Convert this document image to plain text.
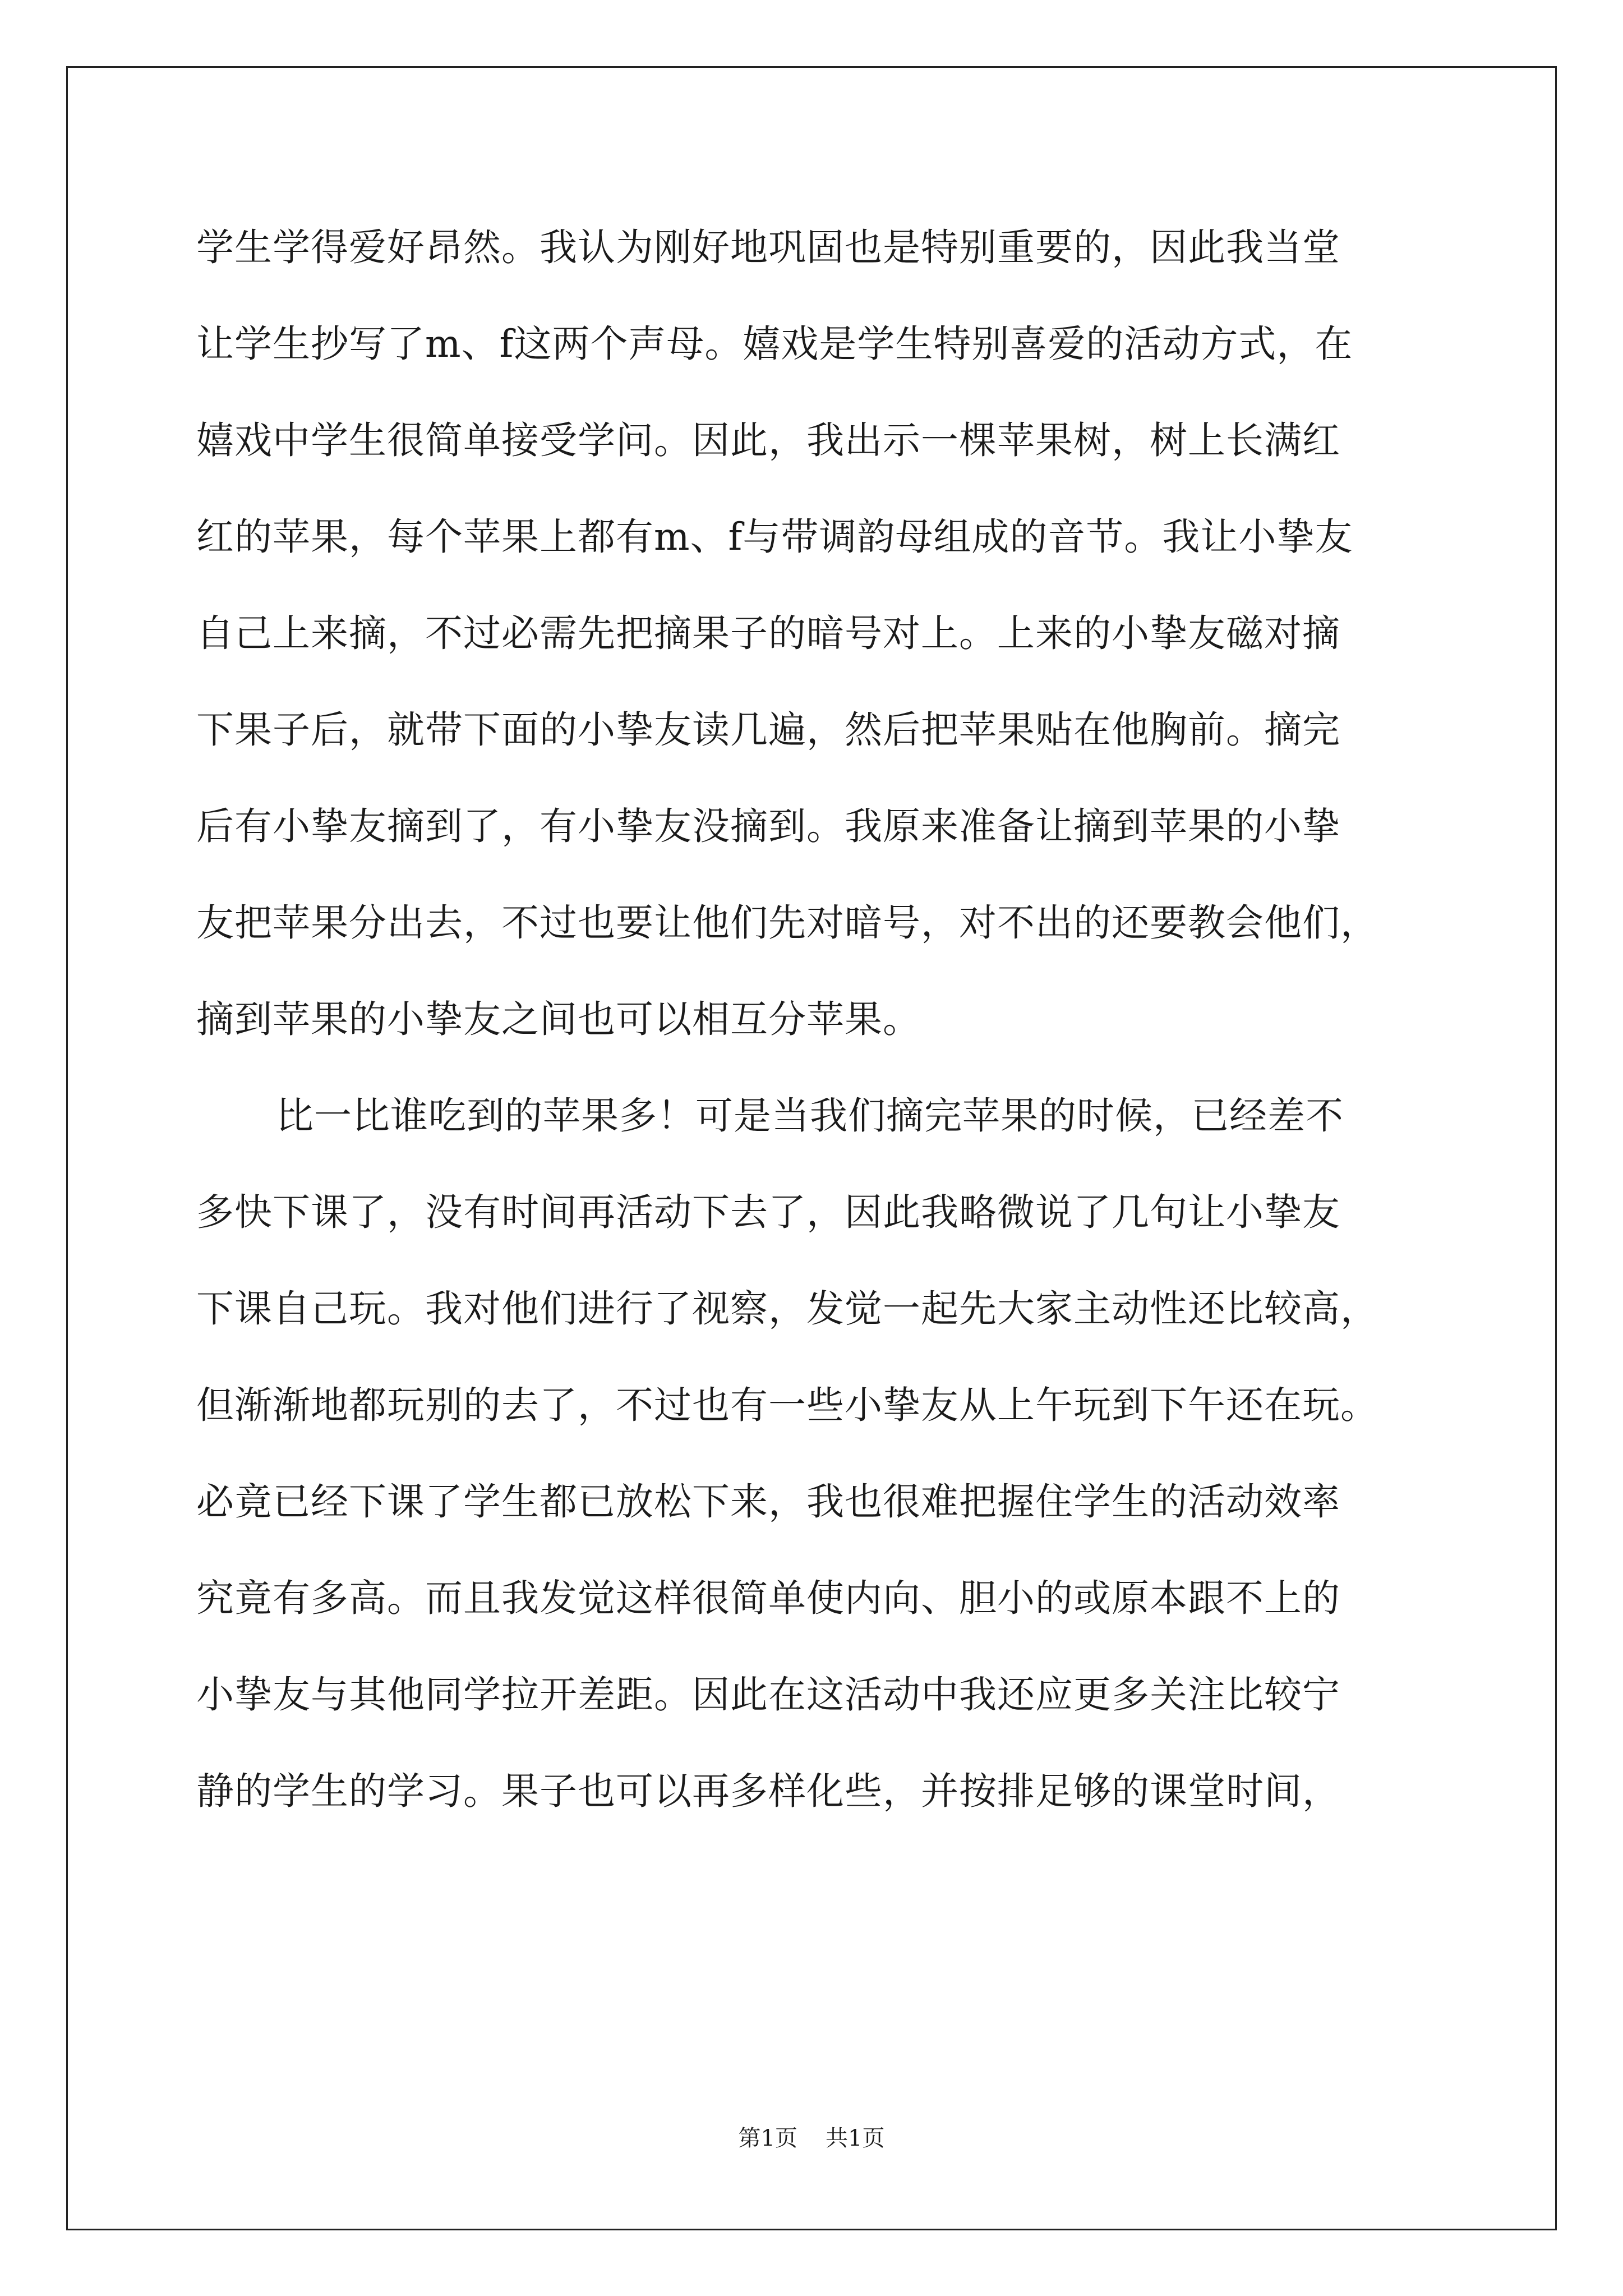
学生学得爱好昂然。我认为刚好地巩固也是特别重要的，因此我当堂
让学生抄写了m、f这两个声母。嬉戏是学生特别喜爱的活动方式，在
嬉戏中学生很简单接受学问。因此，我出示一棵苹果树，树上长满红
红的苹果，每个苹果上都有m、f与带调韵母组成的音节。我让小挚友
自己上来摘，不过必需先把摘果子的暗号对上。上来的小挚友磁对摘
下果子后，就带下面的小挚友读几遍，然后把苹果贴在他胸前。摘完
后有小挚友摘到了，有小挚友没摘到。我原来准备让摘到苹果的小挚
友把苹果分出去，不过也要让他们先对暗号，对不出的还要教会他们，
摘到苹果的小挚友之间也可以相互分苹果。
比一比谁吃到的苹果多！可是当我们摘完苹果的时候，已经差不
多快下课了，没有时间再活动下去了，因此我略微说了几句让小挚友
下课自己玩。我对他们进行了视察，发觉一起先大家主动性还比较高，
但渐渐地都玩别的去了，不过也有一些小挚友从上午玩到下午还在玩。
必竟已经下课了学生都已放松下来，我也很难把握住学生的活动效率
究竟有多高。而且我发觉这样很简单使内向、胆小的或原本跟不上的
小挚友与其他同学拉开差距。因此在这活动中我还应更多关注比较宁
静的学生的学习。果子也可以再多样化些，并按排足够的课堂时间，
第1页 共1页
